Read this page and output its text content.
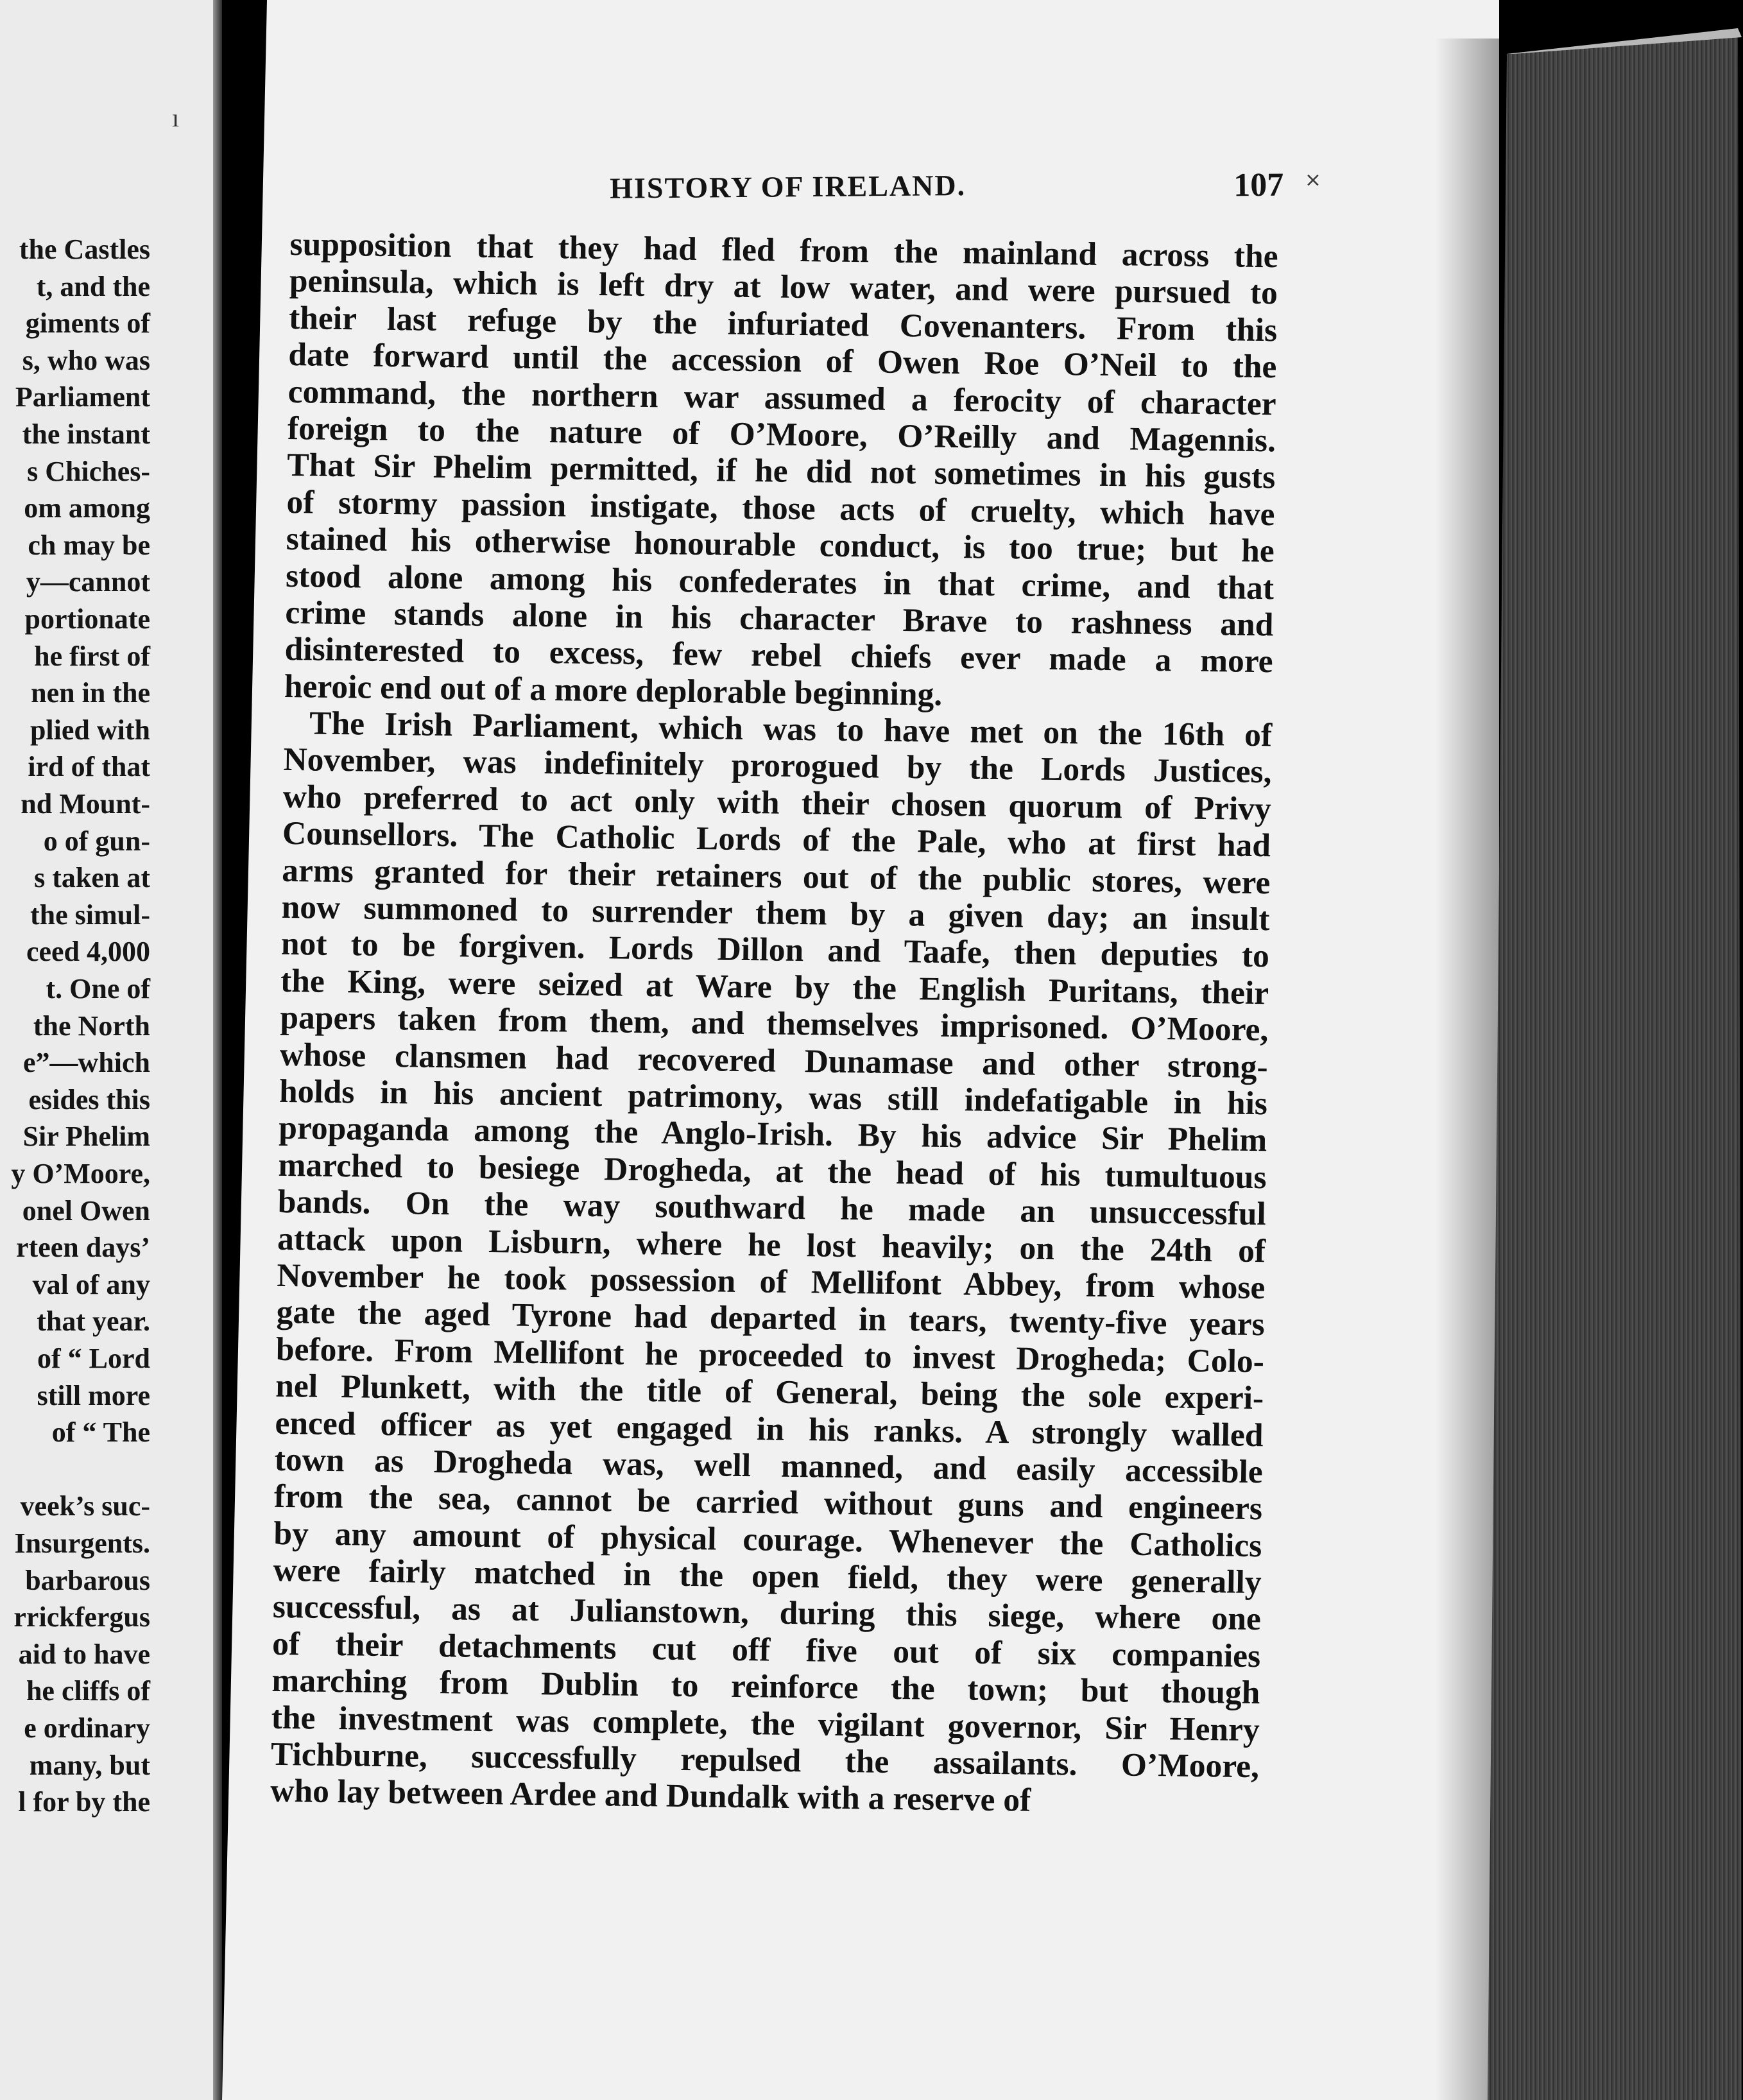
ı
the Castles
t, and the
giments of
s, who was
Parliament
the instant
s Chiches-
om among
ch may be
y—cannot
portionate
he first of
nen in the
plied with
ird of that
nd Mount-
o of gun-
s taken at
the simul-
ceed 4,000
t. One of
the North
e”—which
esides this
Sir Phelim
y O’Moore,
onel Owen
rteen days’
val of any
that year.
of “ Lord
still more
of “ The
veek’s suc-
Insurgents.
barbarous
rrickfergus
aid to have
he cliffs of
e ordinary
many, but
l for by the
HISTORY OF IRELAND.	107 ˟

supposition that they had fled from the mainland across the
peninsula, which is left dry at low water, and were pursued to
their last refuge by the infuriated Covenanters. From this
date forward until the accession of Owen Roe O’Neil to the
command, the northern war assumed a ferocity of character
foreign to the nature of O’Moore, O’Reilly and Magennis.
That Sir Phelim permitted, if he did not sometimes in his gusts
of stormy passion instigate, those acts of cruelty, which have
stained his otherwise honourable conduct, is too true; but he
stood alone among his confederates in that crime, and that
crime stands alone in his character Brave to rashness and
disinterested to excess, few rebel chiefs ever made a more
heroic end out of a more deplorable beginning.

The Irish Parliament, which was to have met on the 16th of
November, was indefinitely prorogued by the Lords Justices,
who preferred to act only with their chosen quorum of Privy
Counsellors. The Catholic Lords of the Pale, who at first had
arms granted for their retainers out of the public stores, were
now summoned to surrender them by a given day; an insult
not to be forgiven. Lords Dillon and Taafe, then deputies to
the King, were seized at Ware by the English Puritans, their
papers taken from them, and themselves imprisoned. O’Moore,
whose clansmen had recovered Dunamase and other strong-
holds in his ancient patrimony, was still indefatigable in his
propaganda among the Anglo-Irish. By his advice Sir Phelim
marched to besiege Drogheda, at the head of his tumultuous
bands. On the way southward he made an unsuccessful
attack upon Lisburn, where he lost heavily; on the 24th of
November he took possession of Mellifont Abbey, from whose
gate the aged Tyrone had departed in tears, twenty-five years
before. From Mellifont he proceeded to invest Drogheda; Colo-
nel Plunkett, with the title of General, being the sole experi-
enced officer as yet engaged in his ranks. A strongly walled
town as Drogheda was, well manned, and easily accessible
from the sea, cannot be carried without guns and engineers
by any amount of physical courage. Whenever the Catholics
were fairly matched in the open field, they were generally
successful, as at Julianstown, during this siege, where one
of their detachments cut off five out of six companies
marching from Dublin to reinforce the town; but though
the investment was complete, the vigilant governor, Sir Henry
Tichburne, successfully repulsed the assailants. O’Moore,
who lay between Ardee and Dundalk with a reserve of
